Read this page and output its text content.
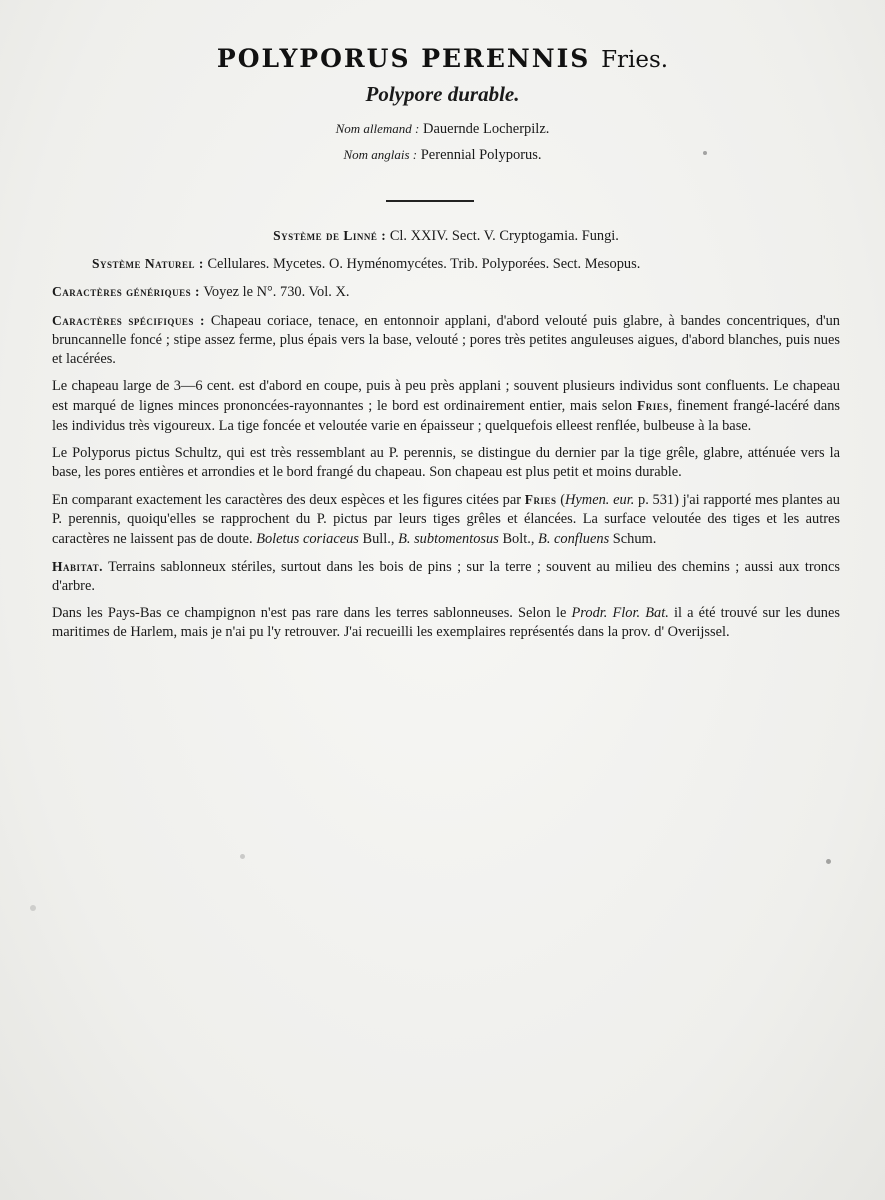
POLYPORUS PERENNIS Fries.
Polypore durable.
Nom allemand : Dauernde Locherpilz.
Nom anglais : Perennial Polyporus.

Système de Linné : Cl. XXIV. Sect. V. Cryptogamia. Fungi.

Système Naturel : Cellulares. Mycetes. O. Hyménomycétes. Trib. Polyporées. Sect. Mesopus.

Caractères génériques : Voyez le N°. 730. Vol. X.

Caractères spécifiques : Chapeau coriace, tenace, en entonnoir applani, d'abord velouté puis glabre, à bandes concentriques, d'un bruncannelle foncé ; stipe assez ferme, plus épais vers la base, velouté ; pores très petites anguleuses aigues, d'abord blanches, puis nues et lacérées.

Le chapeau large de 3—6 cent. est d'abord en coupe, puis à peu près applani ; souvent plusieurs individus sont confluents. Le chapeau est marqué de lignes minces prononcées-rayonnantes ; le bord est ordinairement entier, mais selon Fries, finement frangé-lacéré dans les individus très vigoureux. La tige foncée et veloutée varie en épaisseur ; quelquefois elleest renflée, bulbeuse à la base.

Le Polyporus pictus Schultz, qui est très ressemblant au P. perennis, se distingue du dernier par la tige grêle, glabre, atténuée vers la base, les pores entières et arrondies et le bord frangé du chapeau. Son chapeau est plus petit et moins durable.

En comparant exactement les caractères des deux espèces et les figures citées par Fries (Hymen. eur. p. 531) j'ai rapporté mes plantes au P. perennis, quoiqu'elles se rapprochent du P. pictus par leurs tiges grêles et élancées. La surface veloutée des tiges et les autres caractères ne laissent pas de doute. Boletus coriaceus Bull., B. subtomentosus Bolt., B. confluens Schum.

Habitat. Terrains sablonneux stériles, surtout dans les bois de pins ; sur la terre ; souvent au milieu des chemins ; aussi aux troncs d'arbre.

Dans les Pays-Bas ce champignon n'est pas rare dans les terres sablonneuses. Selon le Prodr. Flor. Bat. il a été trouvé sur les dunes maritimes de Harlem, mais je n'ai pu l'y retrouver. J'ai recueilli les exemplaires représentés dans la prov. d' Overijssel.
